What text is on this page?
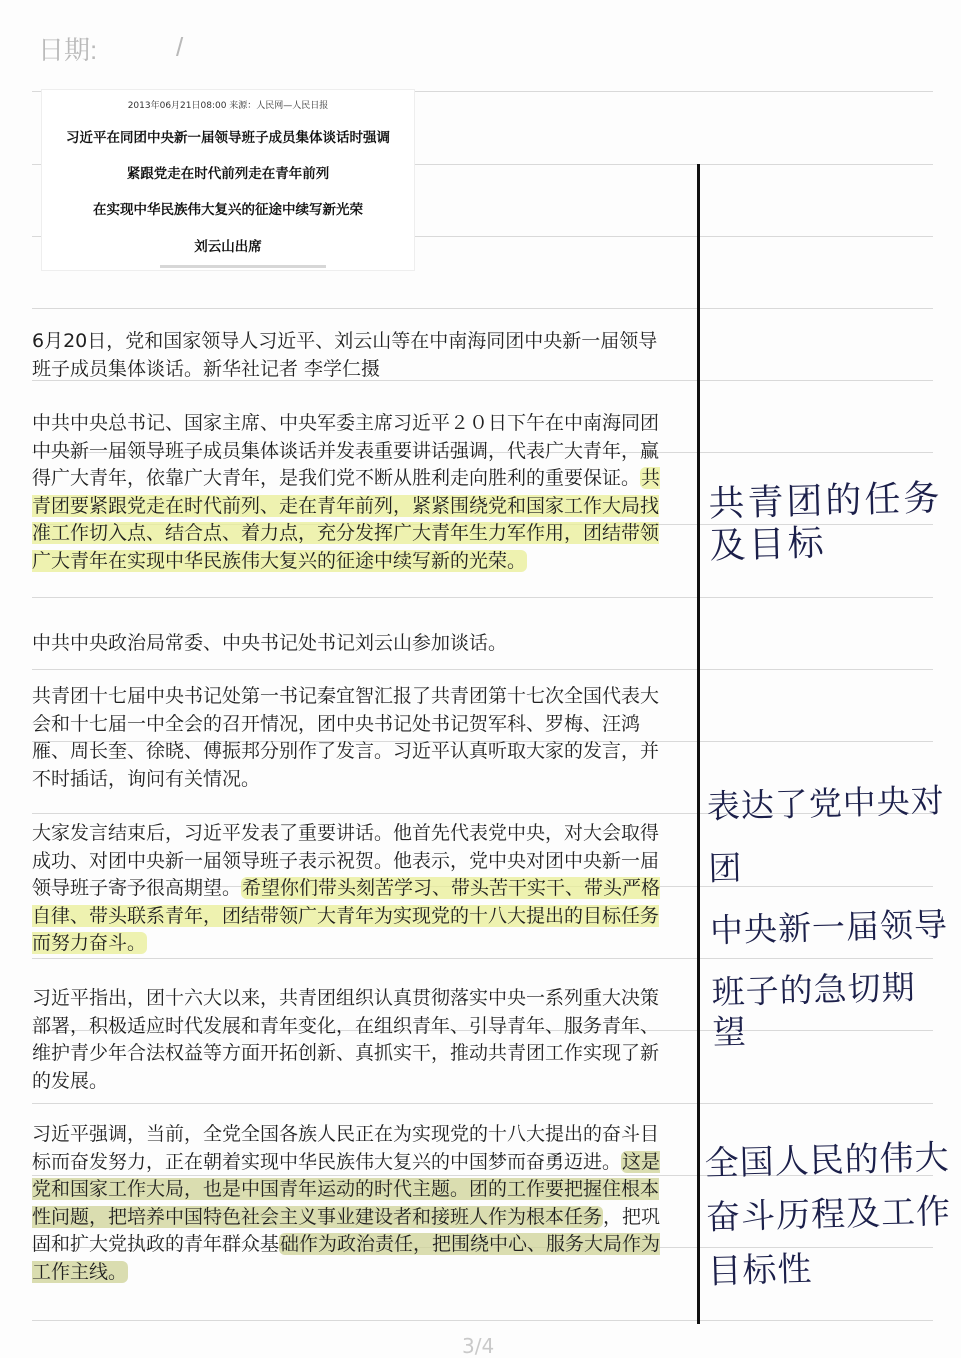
日期:	/
2013年06月21日08:00 来源：人民网—人民日报
习近平在同团中央新一届领导班子成员集体谈话时强调
紧跟党走在时代前列走在青年前列
在实现中华民族伟大复兴的征途中续写新光荣
刘云山出席

6月20日，党和国家领导人习近平、刘云山等在中南海同团中央新一届领导班子成员集体谈话。新华社记者 李学仁摄

中共中央总书记、国家主席、中央军委主席习近平２０日下午在中南海同团中央新一届领导班子成员集体谈话并发表重要讲话强调，代表广大青年，赢得广大青年，依靠广大青年，是我们党不断从胜利走向胜利的重要保证。共青团要紧跟党走在时代前列、走在青年前列，紧紧围绕党和国家工作大局找准工作切入点、结合点、着力点，充分发挥广大青年生力军作用，团结带领广大青年在实现中华民族伟大复兴的征途中续写新的光荣。

中共中央政治局常委、中央书记处书记刘云山参加谈话。

共青团十七届中央书记处第一书记秦宜智汇报了共青团第十七次全国代表大会和十七届一中全会的召开情况，团中央书记处书记贺军科、罗梅、汪鸿雁、周长奎、徐晓、傅振邦分别作了发言。习近平认真听取大家的发言，并不时插话，询问有关情况。

大家发言结束后，习近平发表了重要讲话。他首先代表党中央，对大会取得成功、对团中央新一届领导班子表示祝贺。他表示，党中央对团中央新一届领导班子寄予很高期望。希望你们带头刻苦学习、带头苦干实干、带头严格自律、带头联系青年，团结带领广大青年为实现党的十八大提出的目标任务而努力奋斗。

习近平指出，团十六大以来，共青团组织认真贯彻落实中央一系列重大决策部署，积极适应时代发展和青年变化，在组织青年、引导青年、服务青年、维护青少年合法权益等方面开拓创新、真抓实干，推动共青团工作实现了新的发展。

习近平强调，当前，全党全国各族人民正在为实现党的十八大提出的奋斗目标而奋发努力，正在朝着实现中华民族伟大复兴的中国梦而奋勇迈进。这是党和国家工作大局，也是中国青年运动的时代主题。团的工作要把握住根本性问题，把培养中国特色社会主义事业建设者和接班人作为根本任务，把巩固和扩大党执政的青年群众基础作为政治责任，把围绕中心、服务大局作为工作主线。

共青团的任务
及目标
表达了党中央对团
中央新一届领导
班子的急切期
望
全国人民的伟大
奋斗历程及工作
目标性
3/4
